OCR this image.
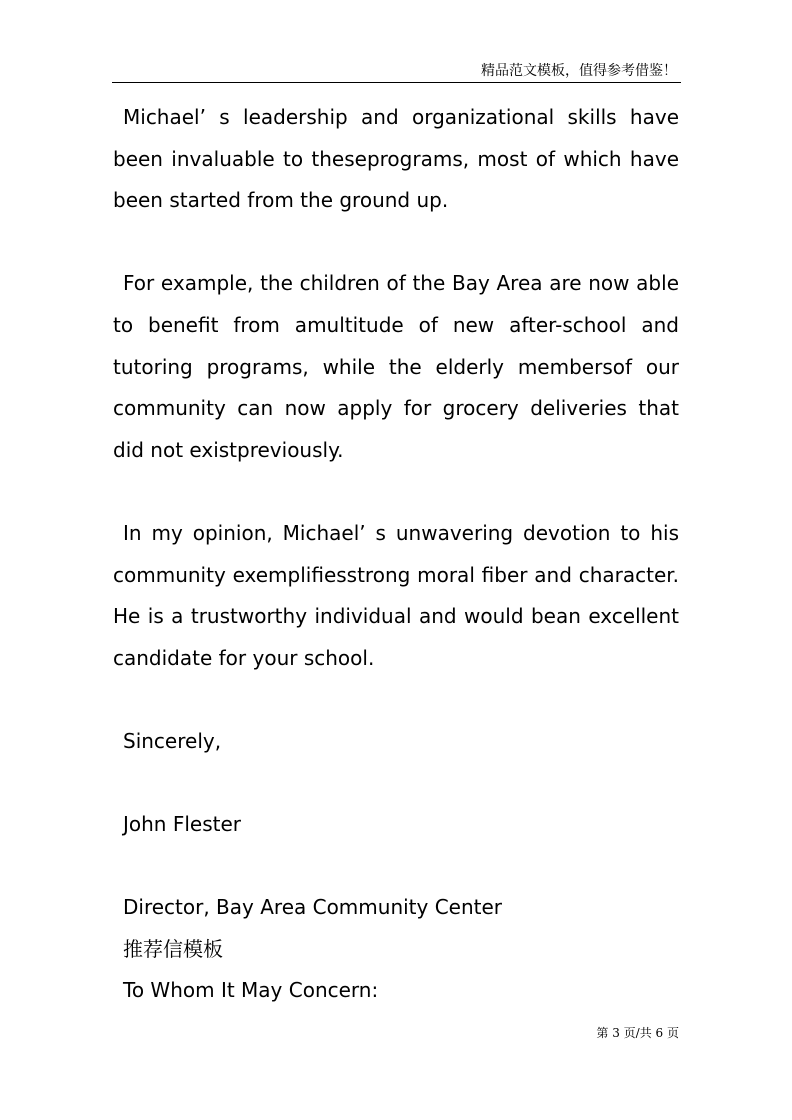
精品范文模板，值得参考借鉴！

Michael’ s leadership and organizational skills have been invaluable to theseprograms, most of which have been started from the ground up.

For example, the children of the Bay Area are now able to benefit from amultitude of new after-school and tutoring programs, while the elderly membersof our community can now apply for grocery deliveries that did not existpreviously.

In my opinion, Michael’ s unwavering devotion to his community exemplifiesstrong moral fiber and character. He is a trustworthy individual and would bean excellent candidate for your school.

Sincerely,

John Flester

Director, Bay Area Community Center

推荐信模板

To Whom It May Concern:

第 3 页/共 6 页
